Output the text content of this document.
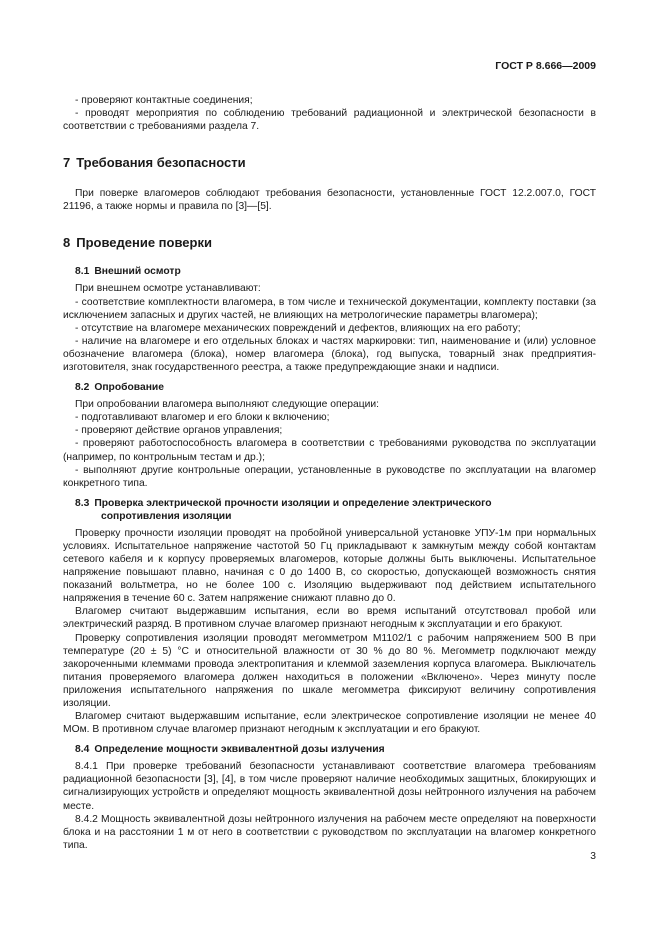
ГОСТ Р 8.666—2009

- проверяют контактные соединения;

- проводят мероприятия по соблюдению требований радиационной и электрической безопасности в соответствии с требованиями раздела 7.

7 Требования безопасности

При поверке влагомеров соблюдают требования безопасности, установленные ГОСТ 12.2.007.0, ГОСТ 21196, а также нормы и правила по [3]—[5].

8 Проведение поверки
8.1 Внешний осмотр

При внешнем осмотре устанавливают:

- соответствие комплектности влагомера, в том числе и технической документации, комплекту поставки (за исключением запасных и других частей, не влияющих на метрологические параметры влагомера);

- отсутствие на влагомере механических повреждений и дефектов, влияющих на его работу;

- наличие на влагомере и его отдельных блоках и частях маркировки: тип, наименование и (или) условное обозначение влагомера (блока), номер влагомера (блока), год выпуска, товарный знак предприятия-изготовителя, знак государственного реестра, а также предупреждающие знаки и надписи.

8.2 Опробование

При опробовании влагомера выполняют следующие операции:

- подготавливают влагомер и его блоки к включению;

- проверяют действие органов управления;

- проверяют работоспособность влагомера в соответствии с требованиями руководства по эксплуатации (например, по контрольным тестам и др.);

- выполняют другие контрольные операции, установленные в руководстве по эксплуатации на влагомер конкретного типа.

8.3 Проверка электрической прочности изоляции и определение электрического
сопротивления изоляции

Проверку прочности изоляции проводят на пробойной универсальной установке УПУ-1м при нормальных условиях. Испытательное напряжение частотой 50 Гц прикладывают к замкнутым между собой контактам сетевого кабеля и к корпусу проверяемых влагомеров, которые должны быть выключены. Испытательное напряжение повышают плавно, начиная с 0 до 1400 В, со скоростью, допускающей возможность снятия показаний вольтметра, но не более 100 с. Изоляцию выдерживают под действием испытательного напряжения в течение 60 с. Затем напряжение снижают плавно до 0.

Влагомер считают выдержавшим испытания, если во время испытаний отсутствовал пробой или электрический разряд. В противном случае влагомер признают негодным к эксплуатации и его бракуют.

Проверку сопротивления изоляции проводят мегомметром М1102/1 с рабочим напряжением 500 В при температуре (20 ± 5) °С и относительной влажности от 30 % до 80 %. Мегомметр подключают между закороченными клеммами провода электропитания и клеммой заземления корпуса влагомера. Выключатель питания проверяемого влагомера должен находиться в положении «Включено». Через минуту после приложения испытательного напряжения по шкале мегомметра фиксируют величину сопротивления изоляции.

Влагомер считают выдержавшим испытание, если электрическое сопротивление изоляции не менее 40 МОм. В противном случае влагомер признают негодным к эксплуатации и его бракуют.

8.4 Определение мощности эквивалентной дозы излучения

8.4.1 При проверке требований безопасности устанавливают соответствие влагомера требованиям радиационной безопасности [3], [4], в том числе проверяют наличие необходимых защитных, блокирующих и сигнализирующих устройств и определяют мощность эквивалентной дозы нейтронного излучения на рабочем месте.

8.4.2 Мощность эквивалентной дозы нейтронного излучения на рабочем месте определяют на поверхности блока и на расстоянии 1 м от него в соответствии с руководством по эксплуатации на влагомер конкретного типа.

3
